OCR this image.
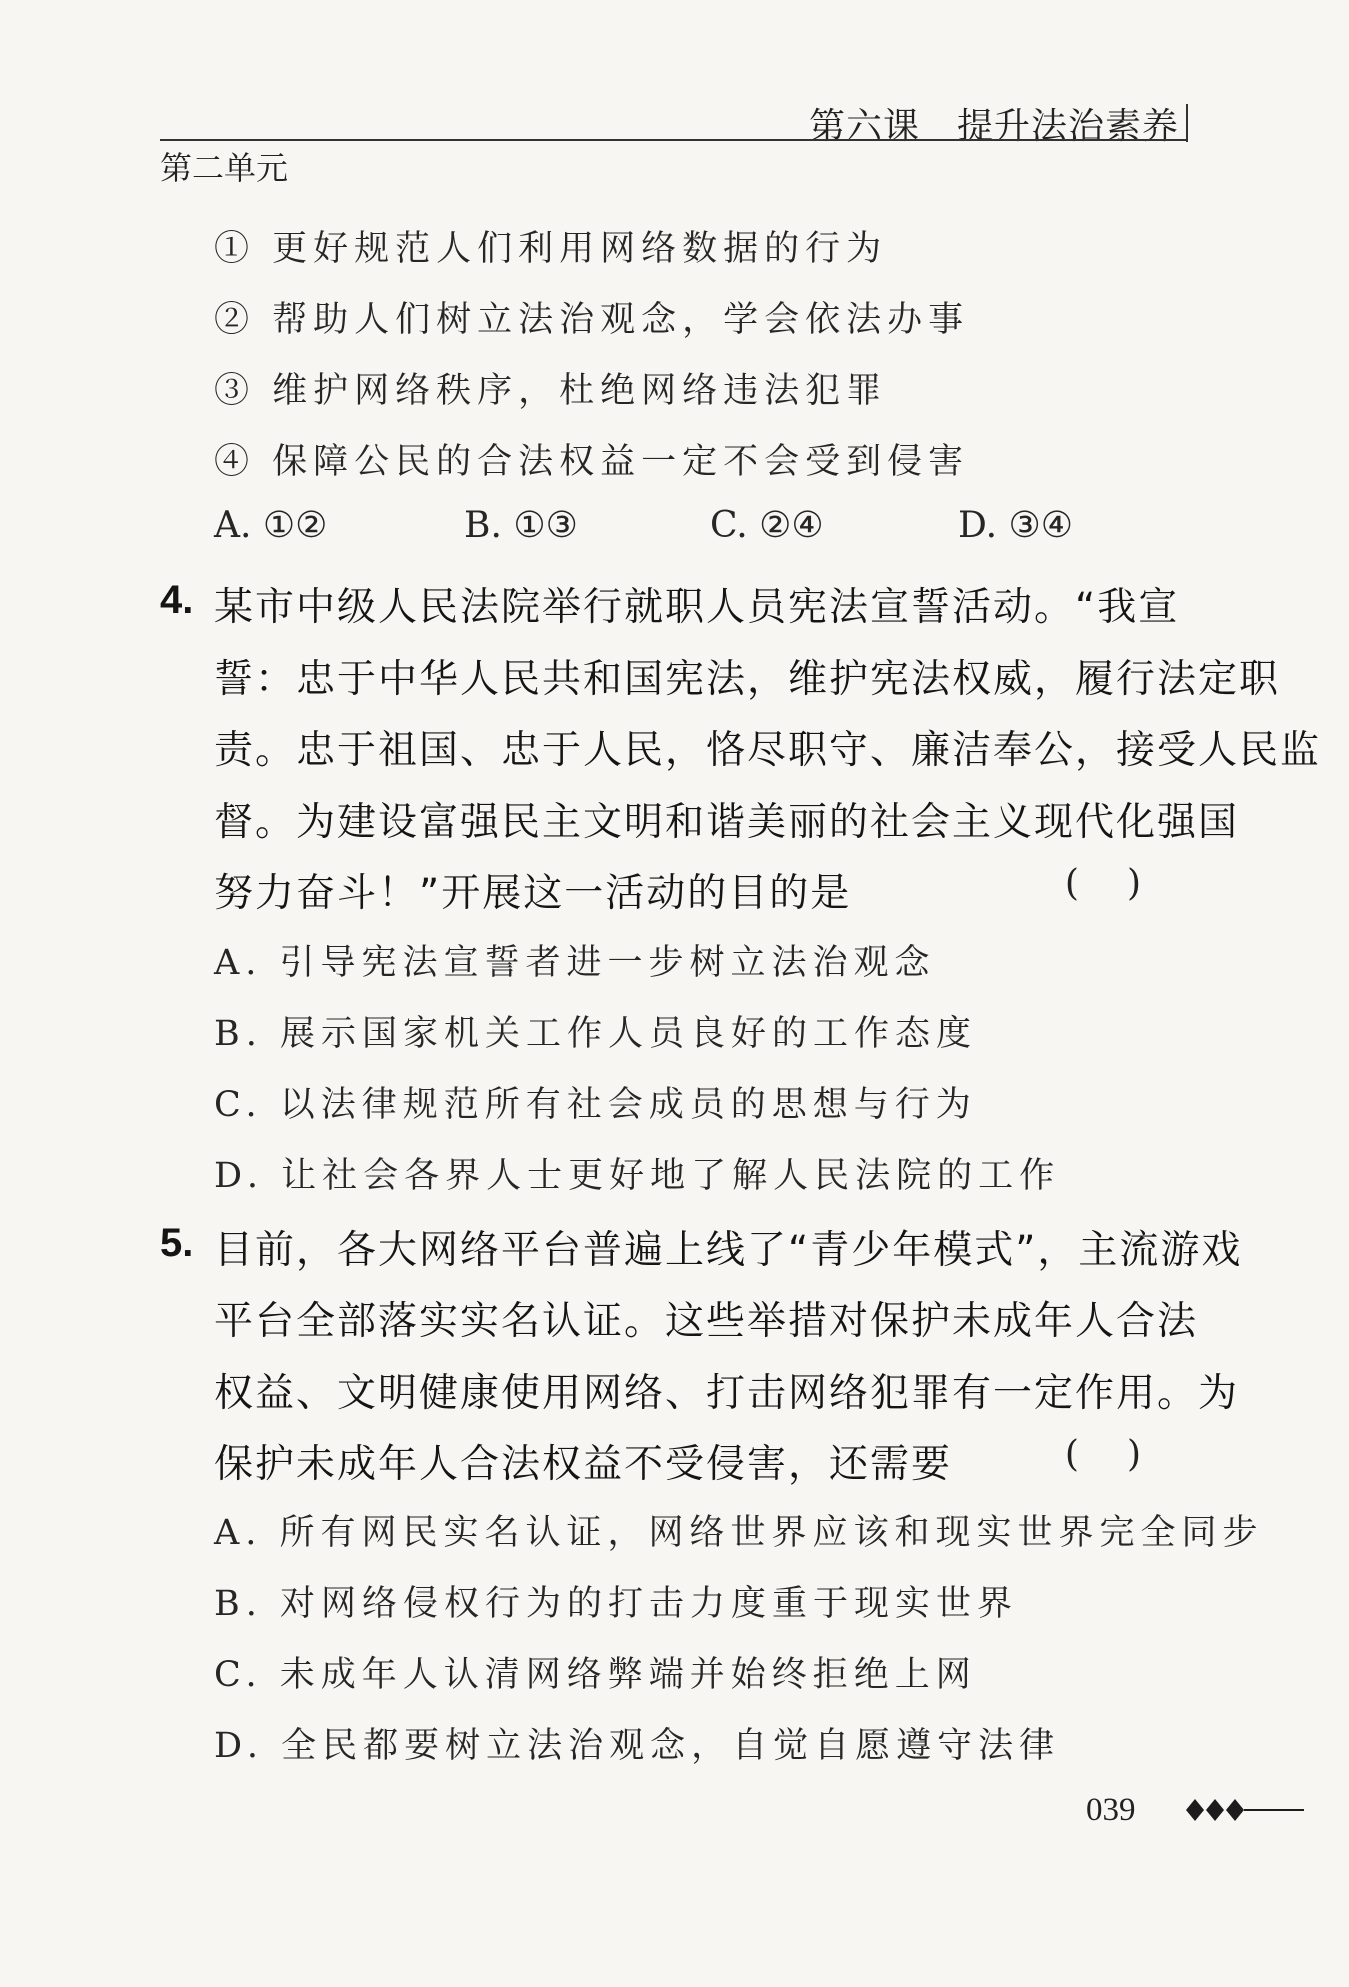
第六课　提升法治素养
第二单元
① 更好规范人们利用网络数据的行为
② 帮助人们树立法治观念，学会依法办事
③ 维护网络秩序，杜绝网络违法犯罪
④ 保障公民的合法权益一定不会受到侵害
A. ①②	B. ①③	C. ②④	D. ③④
4. 某市中级人民法院举行就职人员宪法宣誓活动。“我宣
誓：忠于中华人民共和国宪法，维护宪法权威，履行法定职
责。忠于祖国、忠于人民，恪尽职守、廉洁奉公，接受人民监
督。为建设富强民主文明和谐美丽的社会主义现代化强国
努力奋斗！”开展这一活动的目的是	()
A. 引导宪法宣誓者进一步树立法治观念
B. 展示国家机关工作人员良好的工作态度
C. 以法律规范所有社会成员的思想与行为
D. 让社会各界人士更好地了解人民法院的工作
5. 目前，各大网络平台普遍上线了“青少年模式”，主流游戏
平台全部落实实名认证。这些举措对保护未成年人合法
权益、文明健康使用网络、打击网络犯罪有一定作用。为
保护未成年人合法权益不受侵害，还需要	()
A. 所有网民实名认证，网络世界应该和现实世界完全同步
B. 对网络侵权行为的打击力度重于现实世界
C. 未成年人认清网络弊端并始终拒绝上网
D. 全民都要树立法治观念，自觉自愿遵守法律
039
